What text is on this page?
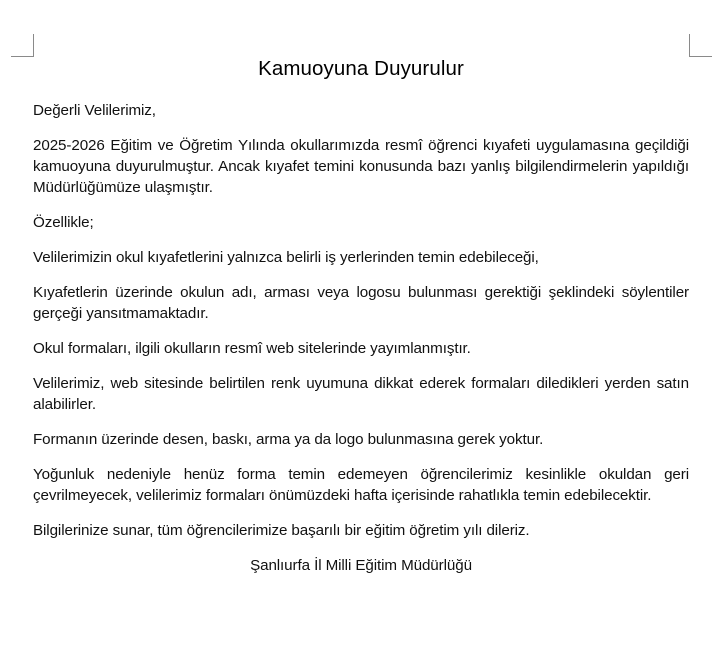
Kamuoyuna Duyurulur

Değerli Velilerimiz,

2025-2026 Eğitim ve Öğretim Yılında okullarımızda resmî öğrenci kıyafeti uygulamasına geçildiği kamuoyuna duyurulmuştur. Ancak kıyafet temini konusunda bazı yanlış bilgilendirmelerin yapıldığı Müdürlüğümüze ulaşmıştır.

Özellikle;

Velilerimizin okul kıyafetlerini yalnızca belirli iş yerlerinden temin edebileceği,

Kıyafetlerin üzerinde okulun adı, arması veya logosu bulunması gerektiği şeklindeki söylentiler gerçeği yansıtmamaktadır.

Okul formaları, ilgili okulların resmî web sitelerinde yayımlanmıştır.

Velilerimiz, web sitesinde belirtilen renk uyumuna dikkat ederek formaları diledikleri yerden satın alabilirler.

Formanın üzerinde desen, baskı, arma ya da logo bulunmasına gerek yoktur.

Yoğunluk nedeniyle henüz forma temin edemeyen öğrencilerimiz kesinlikle okuldan geri çevrilmeyecek, velilerimiz formaları önümüzdeki hafta içerisinde rahatlıkla temin edebilecektir.

Bilgilerinize sunar, tüm öğrencilerimize başarılı bir eğitim öğretim yılı dileriz.

Şanlıurfa İl Milli Eğitim Müdürlüğü
